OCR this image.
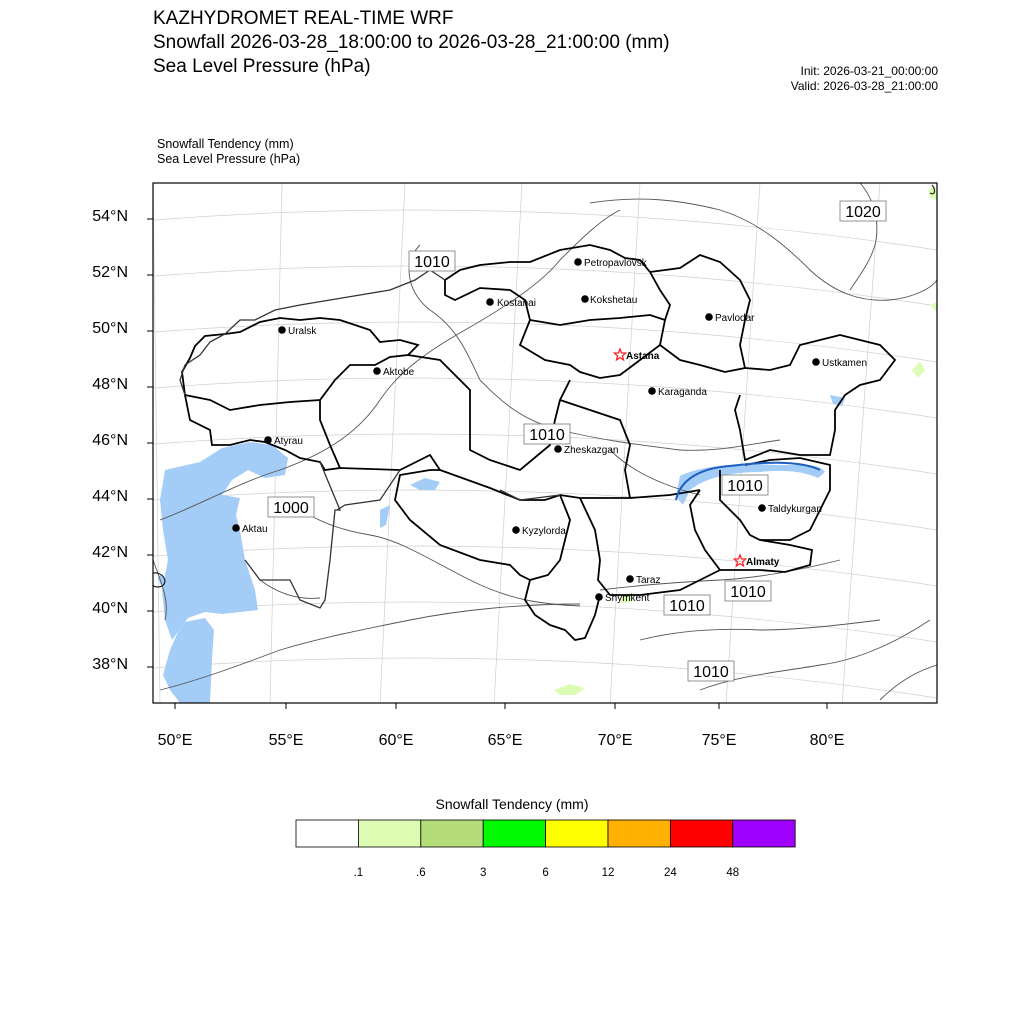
KAZHYDROMET REAL-TIME WRF
Snowfall 2026-03-28_18:00:00 to 2026-03-28_21:00:00 (mm)
Sea Level Pressure (hPa)	Init: 2026-03-21_00:00:00
Valid: 2026-03-28_21:00:00
Snowfall Tendency (mm)
Sea Level Pressure (hPa)
1020
1010
1010
1010
1000
1010
1010
1010
Petropavlovsk
Kostanai	Kokshetau
Pavlodar
Uralsk
Aktobe
Astana
Ustkamen
Karaganda
Atyrau
Zheskazgan
Aktau	Kyzylorda
Taldykurgan
Almaty
Taraz
Shymkent
54°N
52°N
50°N
48°N
46°N
44°N
42°N
40°N
38°N
50°E	55°E	60°E	65°E	70°E	75°E	80°E
Snowfall Tendency (mm)
.1	.6	3	6	12	24	48
